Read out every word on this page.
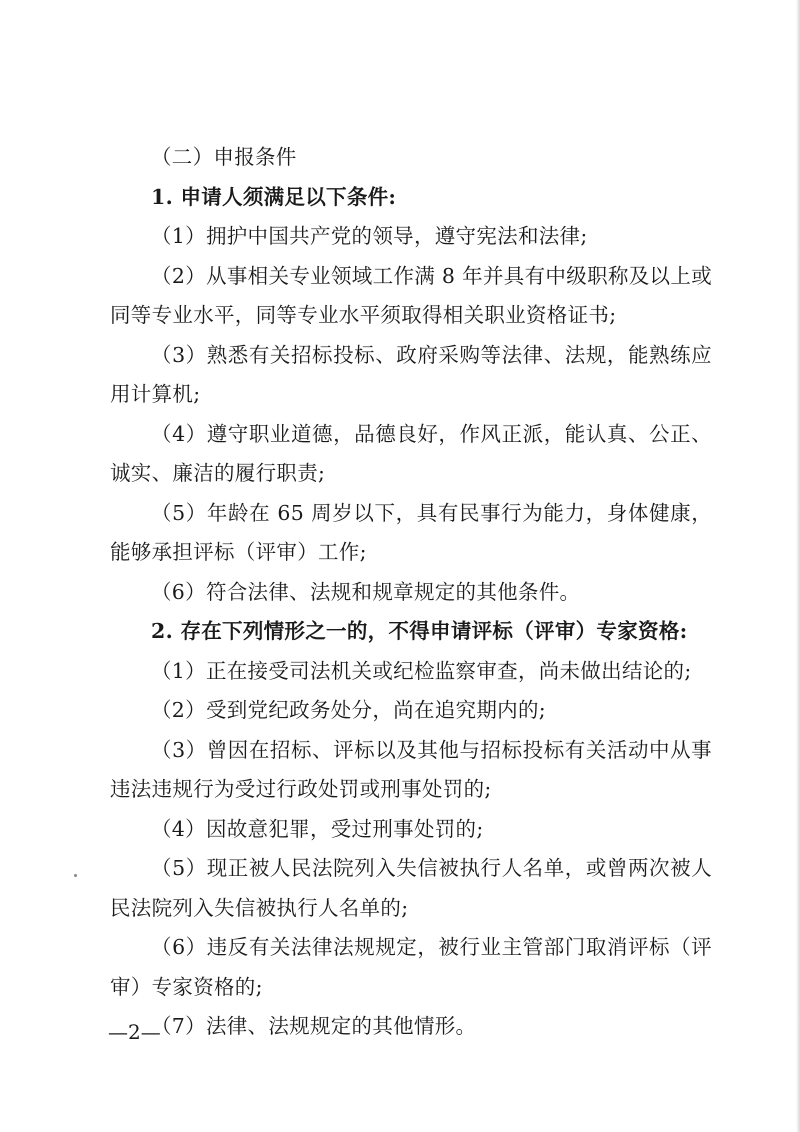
（二）申报条件

1. 申请人须满足以下条件:

（1）拥护中国共产党的领导，遵守宪法和法律;

（2）从事相关专业领域工作满 8 年并具有中级职称及以上或同等专业水平，同等专业水平须取得相关职业资格证书;

（3）熟悉有关招标投标、政府采购等法律、法规，能熟练应用计算机;

（4）遵守职业道德，品德良好，作风正派，能认真、公正、诚实、廉洁的履行职责;

（5）年龄在 65 周岁以下，具有民事行为能力，身体健康，能够承担评标（评审）工作;

（6）符合法律、法规和规章规定的其他条件。

2. 存在下列情形之一的，不得申请评标（评审）专家资格:

（1）正在接受司法机关或纪检监察审查，尚未做出结论的;

（2）受到党纪政务处分，尚在追究期内的;

（3）曾因在招标、评标以及其他与招标投标有关活动中从事违法违规行为受过行政处罚或刑事处罚的;

（4）因故意犯罪，受过刑事处罚的;

（5）现正被人民法院列入失信被执行人名单，或曾两次被人民法院列入失信被执行人名单的;

（6）违反有关法律法规规定，被行业主管部门取消评标（评审）专家资格的;

（7）法律、法规规定的其他情形。

—2—
